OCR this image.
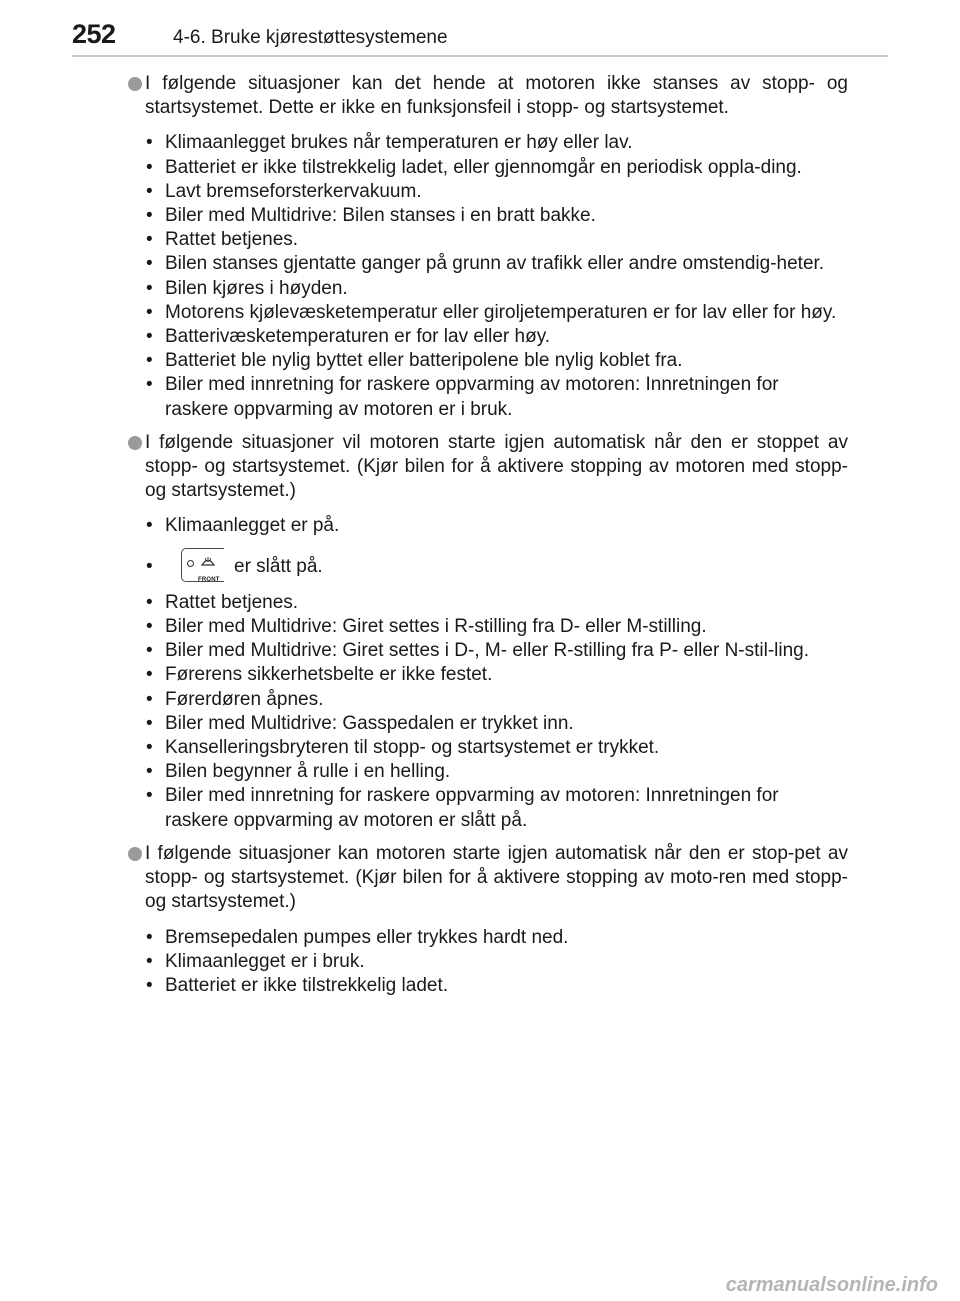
252	4-6. Bruke kjørestøttesystemene
I følgende situasjoner kan det hende at motoren ikke stanses av stopp- og startsystemet. Dette er ikke en funksjonsfeil i stopp- og startsystemet.
• Klimaanlegget brukes når temperaturen er høy eller lav.
• Batteriet er ikke tilstrekkelig ladet, eller gjennomgår en periodisk oppla-ding.
• Lavt bremseforsterkervakuum.
• Biler med Multidrive: Bilen stanses i en bratt bakke.
• Rattet betjenes.
• Bilen stanses gjentatte ganger på grunn av trafikk eller andre omstendig-heter.
• Bilen kjøres i høyden.
• Motorens kjølevæsketemperatur eller giroljetemperaturen er for lav eller for høy.
• Batterivæsketemperaturen er for lav eller høy.
• Batteriet ble nylig byttet eller batteripolene ble nylig koblet fra.
• Biler med innretning for raskere oppvarming av motoren: Innretningen for raskere oppvarming av motoren er i bruk.
I følgende situasjoner vil motoren starte igjen automatisk når den er stoppet av stopp- og startsystemet. (Kjør bilen for å aktivere stopping av motoren med stopp- og startsystemet.)
• Klimaanlegget er på.
•
FRONT
er slått på.
• Rattet betjenes.
• Biler med Multidrive: Giret settes i R-stilling fra D- eller M-stilling.
• Biler med Multidrive: Giret settes i D-, M- eller R-stilling fra P- eller N-stil-ling.
• Førerens sikkerhetsbelte er ikke festet.
• Førerdøren åpnes.
• Biler med Multidrive: Gasspedalen er trykket inn.
• Kanselleringsbryteren til stopp- og startsystemet er trykket.
• Bilen begynner å rulle i en helling.
• Biler med innretning for raskere oppvarming av motoren: Innretningen for raskere oppvarming av motoren er slått på.
I følgende situasjoner kan motoren starte igjen automatisk når den er stop-pet av stopp- og startsystemet. (Kjør bilen for å aktivere stopping av moto-ren med stopp- og startsystemet.)
• Bremsepedalen pumpes eller trykkes hardt ned.
• Klimaanlegget er i bruk.
• Batteriet er ikke tilstrekkelig ladet.
carmanualsonline.info
